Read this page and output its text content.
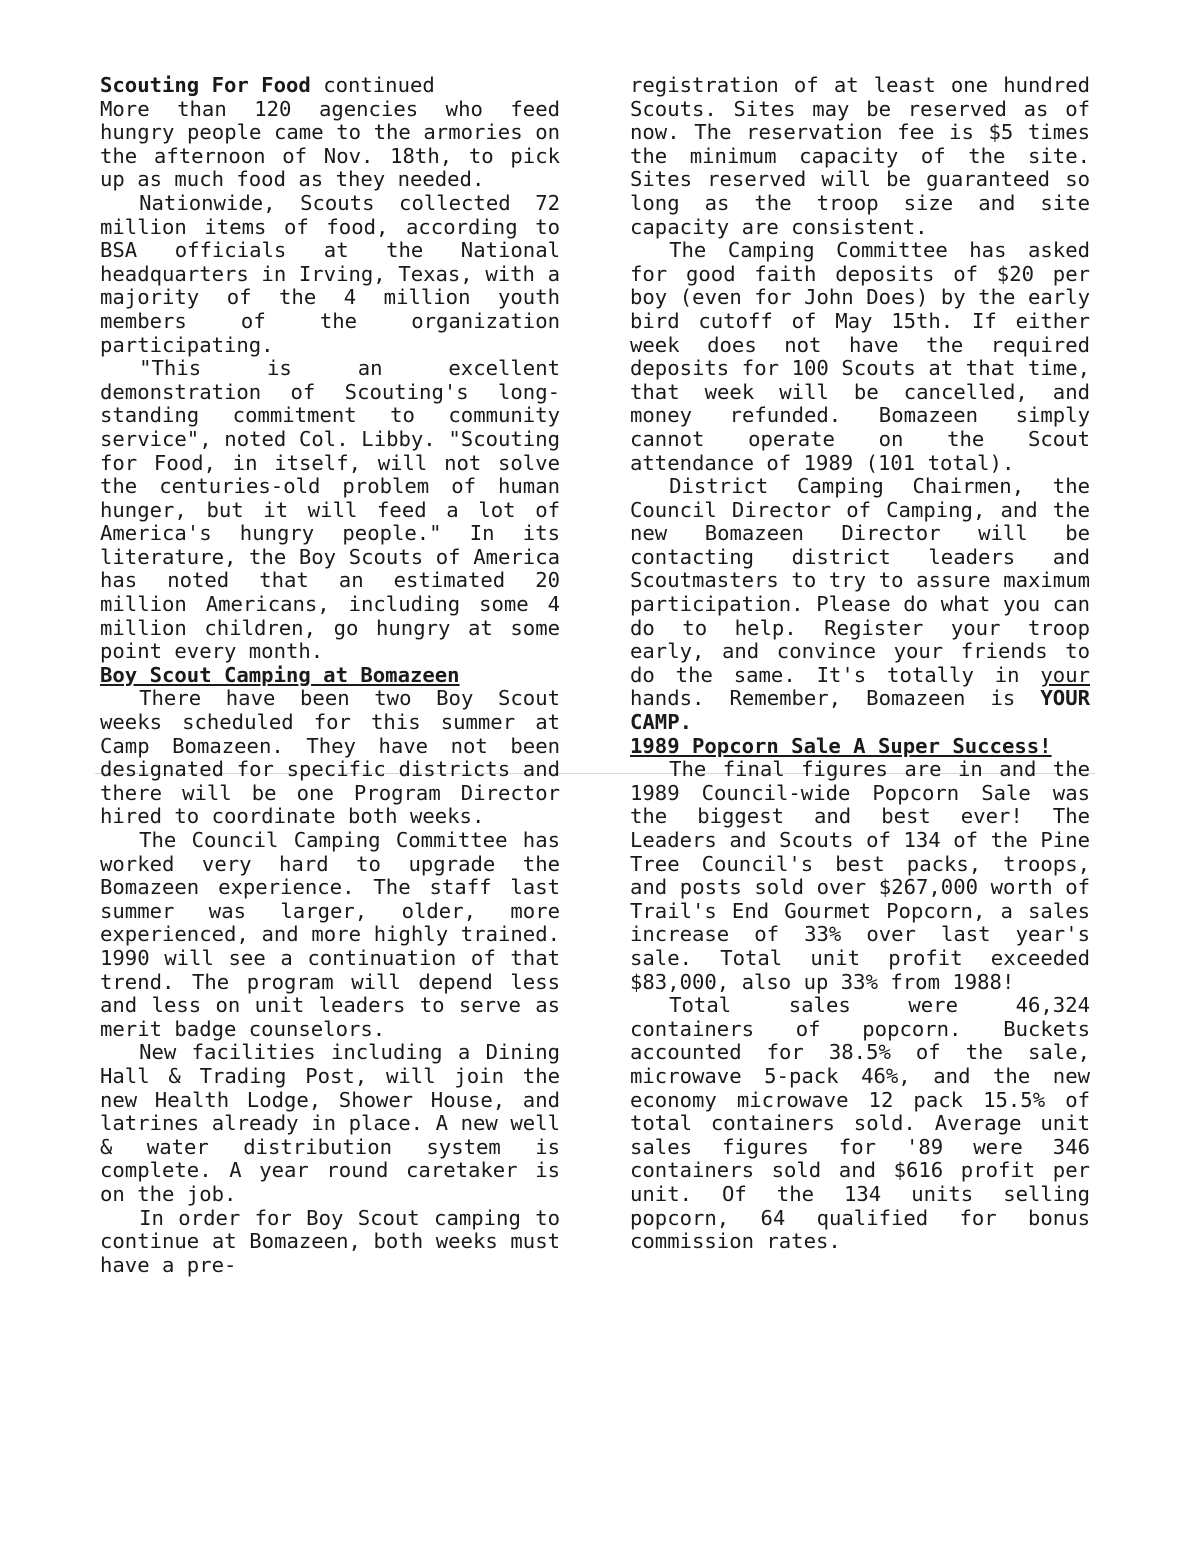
Scouting For Food continued

More than 120 agencies who feed hungry people came to the armories on the afternoon of Nov. 18th, to pick up as much food as they needed.

Nationwide, Scouts collected 72 million items of food, according to BSA officials at the National headquarters in Irving, Texas, with a majority of the 4 million youth members of the organization participating.

"This is an excellent demonstration of Scouting's long-standing commitment to community service", noted Col. Libby. "Scouting for Food, in itself, will not solve the centuries-old problem of human hunger, but it will feed a lot of America's hungry people." In its literature, the Boy Scouts of America has noted that an estimated 20 million Americans, including some 4 million children, go hungry at some point every month.

Boy Scout Camping at Bomazeen

There have been two Boy Scout weeks scheduled for this summer at Camp Bomazeen. They have not been designated for specific districts and there will be one Program Director hired to coordinate both weeks.

The Council Camping Committee has worked very hard to upgrade the Bomazeen experience. The staff last summer was larger, older, more experienced, and more highly trained. 1990 will see a continuation of that trend. The program will depend less and less on unit leaders to serve as merit badge counselors.

New facilities including a Dining Hall & Trading Post, will join the new Health Lodge, Shower House, and latrines already in place. A new well & water distribution system is complete. A year round caretaker is on the job.

In order for Boy Scout camping to continue at Bomazeen, both weeks must have a pre-

registration of at least one hundred Scouts. Sites may be reserved as of now. The reservation fee is $5 times the minimum capacity of the site. Sites reserved will be guaranteed so long as the troop size and site capacity are consistent.

The Camping Committee has asked for good faith deposits of $20 per boy (even for John Does) by the early bird cutoff of May 15th. If either week does not have the required deposits for 100 Scouts at that time, that week will be cancelled, and money refunded. Bomazeen simply cannot operate on the Scout attendance of 1989 (101 total).

District Camping Chairmen, the Council Director of Camping, and the new Bomazeen Director will be contacting district leaders and Scoutmasters to try to assure maximum participation. Please do what you can do to help. Register your troop early, and convince your friends to do the same. It's totally in your hands. Remember, Bomazeen is YOUR CAMP.

1989 Popcorn Sale A Super Success!

The final figures are in and the 1989 Council-wide Popcorn Sale was the biggest and best ever! The Leaders and Scouts of 134 of the Pine Tree Council's best packs, troops, and posts sold over $267,000 worth of Trail's End Gourmet Popcorn, a sales increase of 33% over last year's sale. Total unit profit exceeded $83,000, also up 33% from 1988!

Total sales were 46,324 containers of popcorn. Buckets accounted for 38.5% of the sale, microwave 5-pack 46%, and the new economy microwave 12 pack 15.5% of total containers sold. Average unit sales figures for '89 were 346 containers sold and $616 profit per unit. Of the 134 units selling popcorn, 64 qualified for bonus commission rates.
